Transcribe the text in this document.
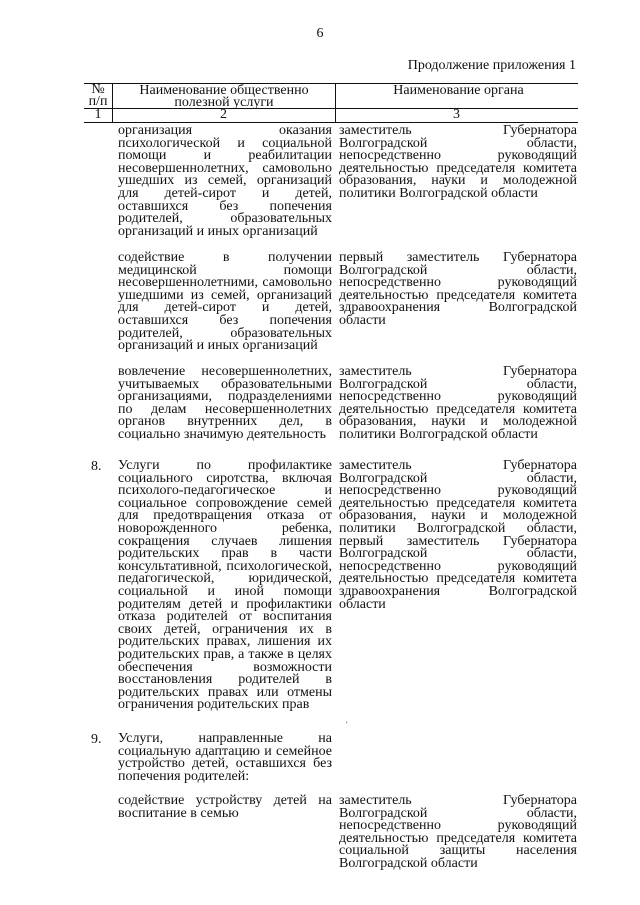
6
Продолжение приложения 1
№
п/п
Наименование общественно полезной услуги
Наименование органа
1	2	3
организация оказания психологической и социальной помощи и реабилитации несовершеннолетних, самовольно ушедших из семей, организаций для детей-сирот и детей, оставшихся без попечения родителей, образовательных организаций и иных организаций
заместитель Губернатора Волгоградской области, непосредственно руководящий деятельностью председателя комитета образования, науки и молодежной политики Волгоградской области
содействие в получении медицинской помощи несовершеннолетними, самовольно ушедшими из семей, организаций для детей-сирот и детей, оставшихся без попечения родителей, образовательных организаций и иных организаций
первый заместитель Губернатора Волгоградской области, непосредственно руководящий деятельностью председателя комитета здравоохранения Волгоградской области
вовлечение несовершеннолетних, учитываемых образовательными организациями, подразделениями по делам несовершеннолетних органов внутренних дел, в социально значимую деятельность
заместитель Губернатора Волгоградской области, непосредственно руководящий деятельностью председателя комитета образования, науки и молодежной политики Волгоградской области
8. Услуги по профилактике социального сиротства, включая психолого-педагогическое и социальное сопровождение семей для предотвращения отказа от новорожденного ребенка, сокращения случаев лишения родительских прав в части консультативной, психологической, педагогической, юридической, социальной и иной помощи родителям детей и профилактики отказа родителей от воспитания своих детей, ограничения их в родительских правах, лишения их родительских прав, а также в целях обеспечения возможности восстановления родителей в родительских правах или отмены ограничения родительских прав
заместитель Губернатора Волгоградской области, непосредственно руководящий деятельностью председателя комитета образования, науки и молодежной политики Волгоградской области, первый заместитель Губернатора Волгоградской области, непосредственно руководящий деятельностью председателя комитета здравоохранения Волгоградской области
'
9. Услуги, направленные на социальную адаптацию и семейное устройство детей, оставшихся без попечения родителей:
содействие устройству детей на воспитание в семью
заместитель Губернатора Волгоградской области, непосредственно руководящий деятельностью председателя комитета социальной защиты населения Волгоградской области
